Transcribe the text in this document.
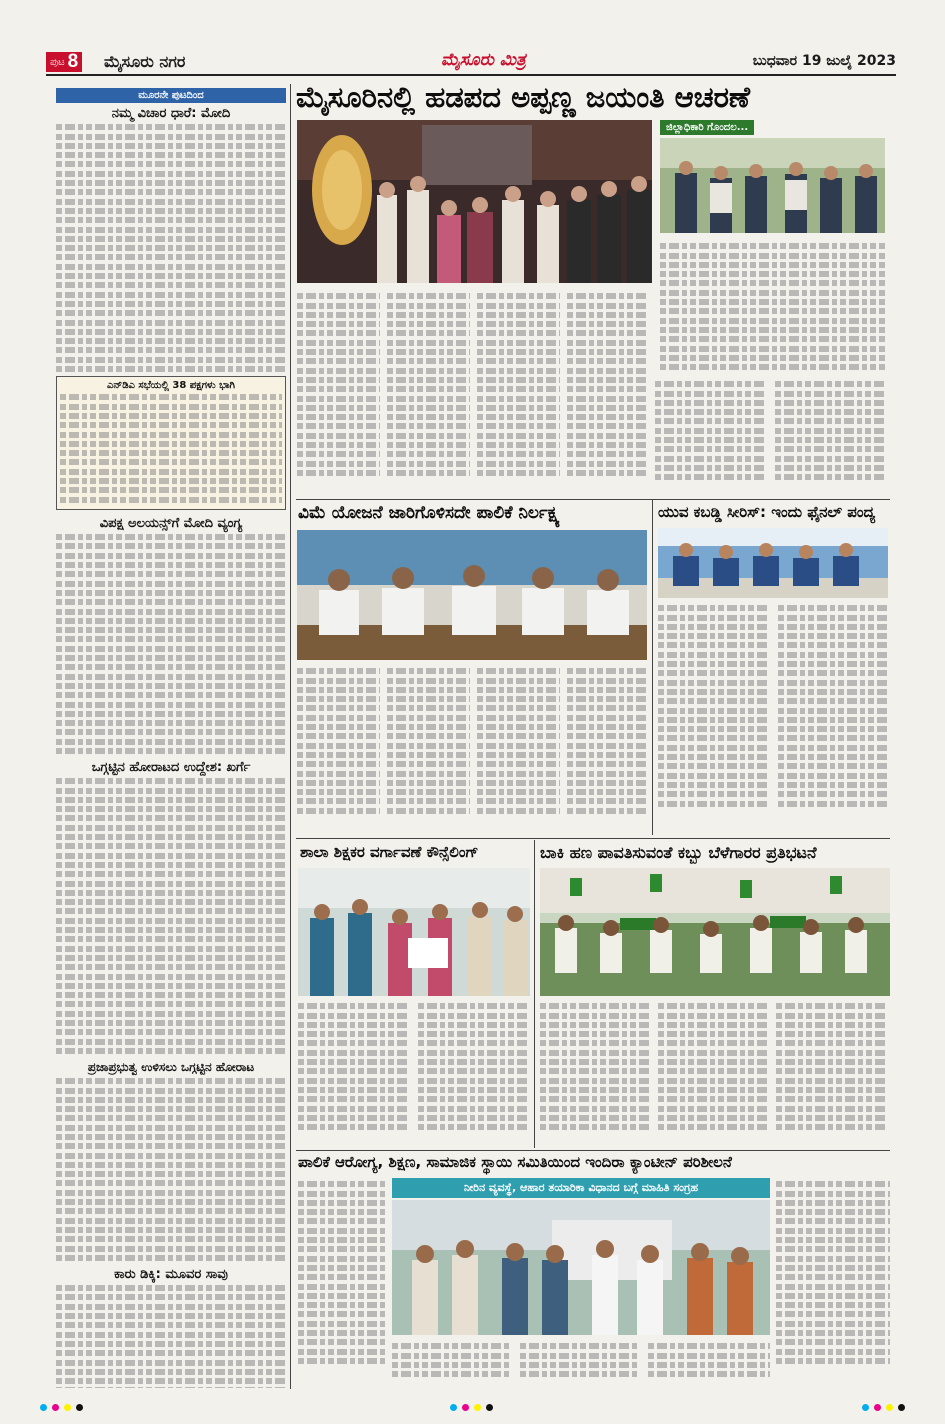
ಪುಟ 8 ಮೈಸೂರು ನಗರ	ಮೈಸೂರು ಮಿತ್ರ	ಬುಧವಾರ 19 ಜುಲೈ 2023
ಮೂರನೇ ಪುಟದಿಂದ
ನಮ್ಮ ವಿಚಾರ ಧಾರೆ: ಮೋದಿ
ಎನ್‌ಡಿಎ ಸಭೆಯಲ್ಲಿ 38 ಪಕ್ಷಗಳು ಭಾಗಿ
ವಿಪಕ್ಷ ಅಲಯನ್ಸ್‌ಗೆ ಮೋದಿ ವ್ಯಂಗ್ಯ
ಒಗ್ಗಟ್ಟಿನ ಹೋರಾಟದ ಉದ್ದೇಶ: ಖರ್ಗೆ
ಪ್ರಜಾಪ್ರಭುತ್ವ ಉಳಿಸಲು ಒಗ್ಗಟ್ಟಿನ ಹೋರಾಟ
ಕಾರು ಡಿಕ್ಕಿ: ಮೂವರ ಸಾವು
ಮೈಸೂರಿನಲ್ಲಿ ಹಡಪದ ಅಪ್ಪಣ್ಣ ಜಯಂತಿ ಆಚರಣೆ
ಜಿಲ್ಲಾಧಿಕಾರಿ ಗೊಂದಲ...
ವಿಮೆ ಯೋಜನೆ ಜಾರಿಗೊಳಿಸದೇ ಪಾಲಿಕೆ ನಿರ್ಲಕ್ಷ್ಯ	ಯುವ ಕಬಡ್ಡಿ ಸೀರಿಸ್: ಇಂದು ಫೈನಲ್ ಪಂದ್ಯ
ಶಾಲಾ ಶಿಕ್ಷಕರ ವರ್ಗಾವಣೆ ಕೌನ್ಸೆಲಿಂಗ್	ಬಾಕಿ ಹಣ ಪಾವತಿಸುವಂತೆ ಕಬ್ಬು ಬೆಳೆಗಾರರ ಪ್ರತಿಭಟನೆ
ಪಾಲಿಕೆ ಆರೋಗ್ಯ, ಶಿಕ್ಷಣ, ಸಾಮಾಜಿಕ ಸ್ಥಾಯಿ ಸಮಿತಿಯಿಂದ ಇಂದಿರಾ ಕ್ಯಾಂಟೀನ್ ಪರಿಶೀಲನೆ
ನೀರಿನ ವ್ಯವಸ್ಥೆ, ಆಹಾರ ತಯಾರಿಕಾ ವಿಧಾನದ ಬಗ್ಗೆ ಮಾಹಿತಿ ಸಂಗ್ರಹ
